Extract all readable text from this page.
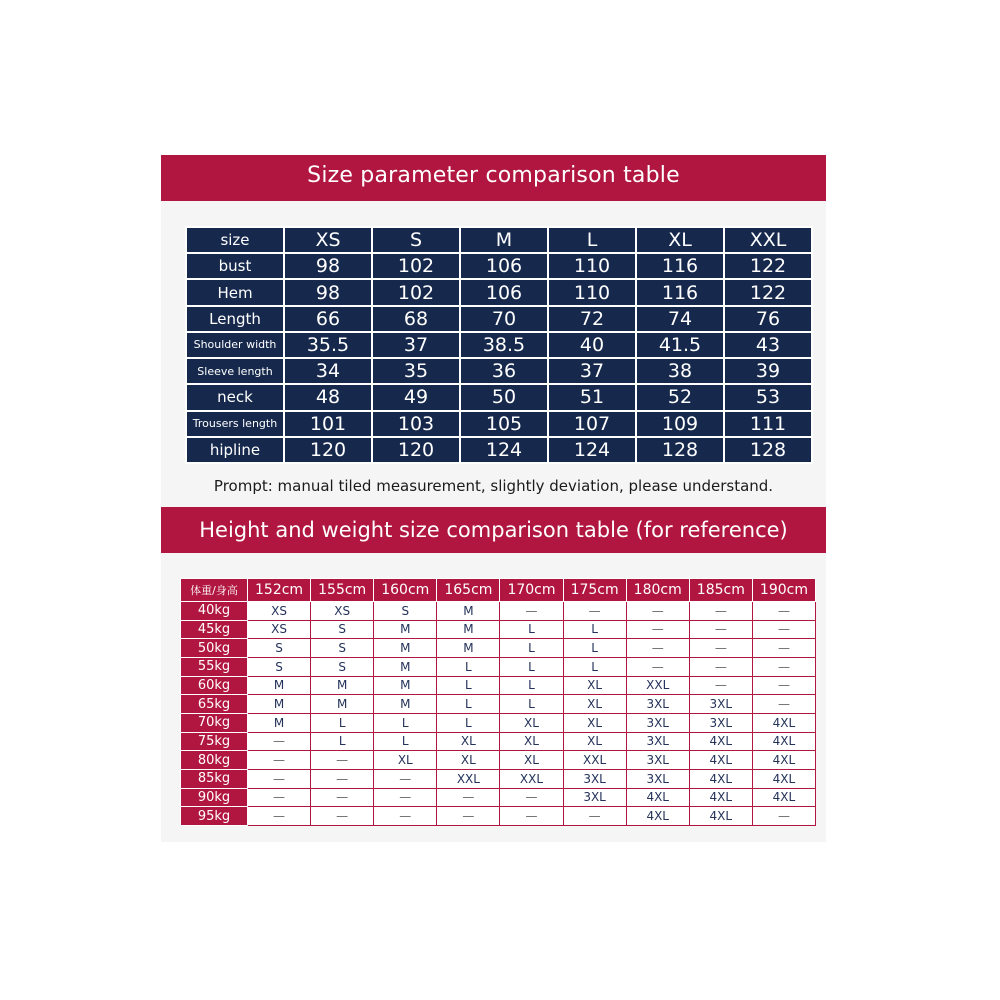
Size parameter comparison table
size	XS	S	M	L	XL	XXL
bust	98	102	106	110	116	122
Hem	98	102	106	110	116	122
Length	66	68	70	72	74	76
Shoulder width	35.5	37	38.5	40	41.5	43
Sleeve length	34	35	36	37	38	39
neck	48	49	50	51	52	53
Trousers length	101	103	105	107	109	111
hipline	120	120	124	124	128	128
Prompt: manual tiled measurement, slightly deviation, please understand.
Height and weight size comparison table (for reference)
体重/身高	152cm	155cm	160cm	165cm	170cm	175cm	180cm	185cm	190cm
40kg	XS	XS	S	M	—	—	—	—	—
45kg	XS	S	M	M	L	L	—	—	—
50kg	S	S	M	M	L	L	—	—	—
55kg	S	S	M	L	L	L	—	—	—
60kg	M	M	M	L	L	XL	XXL	—	—
65kg	M	M	M	L	L	XL	3XL	3XL	—
70kg	M	L	L	L	XL	XL	3XL	3XL	4XL
75kg	—	L	L	XL	XL	XL	3XL	4XL	4XL
80kg	—	—	XL	XL	XL	XXL	3XL	4XL	4XL
85kg	—	—	—	XXL	XXL	3XL	3XL	4XL	4XL
90kg	—	—	—	—	—	3XL	4XL	4XL	4XL
95kg	—	—	—	—	—	—	4XL	4XL	—
